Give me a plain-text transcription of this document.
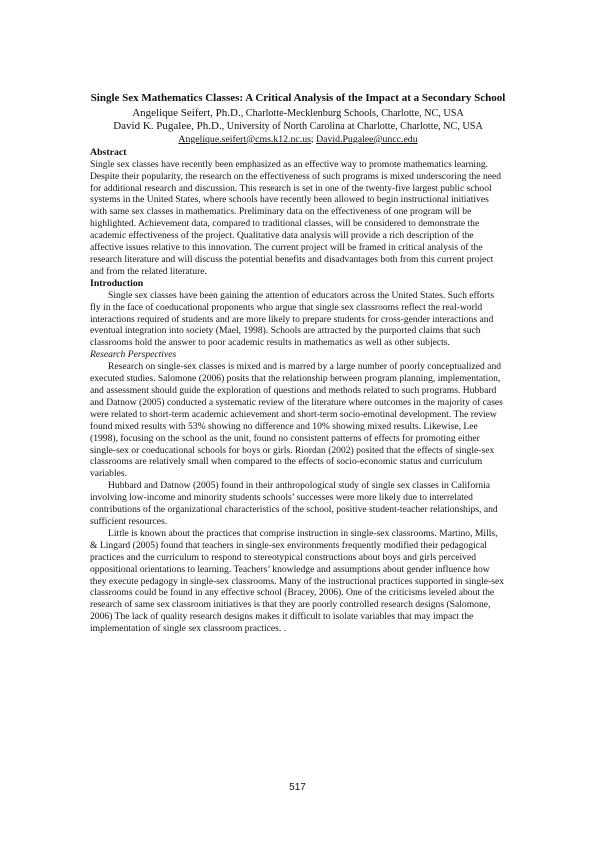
Single Sex Mathematics Classes: A Critical Analysis of the Impact at a Secondary School
Angelique Seifert, Ph.D., Charlotte-Mecklenburg Schools, Charlotte, NC, USA
David K. Pugalee, Ph.D., University of North Carolina at Charlotte, Charlotte, NC, USA
Angelique.seifert@cms.k12.nc.us; David.Pugalee@uncc.edu
Abstract

Single sex classes have recently been emphasized as an effective way to promote mathematics learning. Despite their popularity, the research on the effectiveness of such programs is mixed underscoring the need for additional research and discussion. This research is set in one of the twenty-five largest public school systems in the United States, where schools have recently been allowed to begin instructional initiatives with same sex classes in mathematics. Preliminary data on the effectiveness of one program will be highlighted. Achievement data, compared to traditional classes, will be considered to demonstrate the academic effectiveness of the project. Qualitative data analysis will provide a rich description of the affective issues relative to this innovation. The current project will be framed in critical analysis of the research literature and will discuss the potential benefits and disadvantages both from this current project and from the related literature.

Introduction

Single sex classes have been gaining the attention of educators across the United States. Such efforts fly in the face of coeducational proponents who argue that single sex classrooms reflect the real-world interactions required of students and are more likely to prepare students for cross-gender interactions and eventual integration into society (Mael, 1998). Schools are attracted by the purported claims that such classrooms hold the answer to poor academic results in mathematics as well as other subjects.

Research Perspectives

Research on single-sex classes is mixed and is marred by a large number of poorly conceptualized and executed studies. Salomone (2006) posits that the relationship between program planning, implementation, and assessment should guide the exploration of questions and methods related to such programs. Hubbard and Datnow (2005) conducted a systematic review of the literature where outcomes in the majority of cases were related to short-term academic achievement and short-term socio-emotinal development. The review found mixed results with 53% showing no difference and 10% showing mixed results. Likewise, Lee (1998), focusing on the school as the unit, found no consistent patterns of effects for promoting either single-sex or coeducational schools for boys or girls. Riordan (2002) posited that the effects of single-sex classrooms are relatively small when compared to the effects of socio-economic status and curriculum variables.

Hubbard and Datnow (2005) found in their anthropological study of single sex classes in California involving low-income and minority students schools’ successes were more likely due to interrelated contributions of the organizational characteristics of the school, positive student-teacher relationships, and sufficient resources.

Little is known about the practices that comprise instruction in single-sex classrooms. Martino, Mills, & Lingard (2005) found that teachers in single-sex environments frequently modified their pedagogical practices and the curriculum to respond to stereotypical constructions about boys and girls perceived oppositional orientations to learning. Teachers’ knowledge and assumptions about gender influence how they execute pedagogy in single-sex classrooms. Many of the instructional practices supported in single-sex classrooms could be found in any effective school (Bracey, 2006). One of the criticisms leveled about the research of same sex classroom initiatives is that they are poorly controlled research designs (Salomone, 2006) The lack of quality research designs makes it difficult to isolate variables that may impact the implementation of single sex classroom practices. .

517
